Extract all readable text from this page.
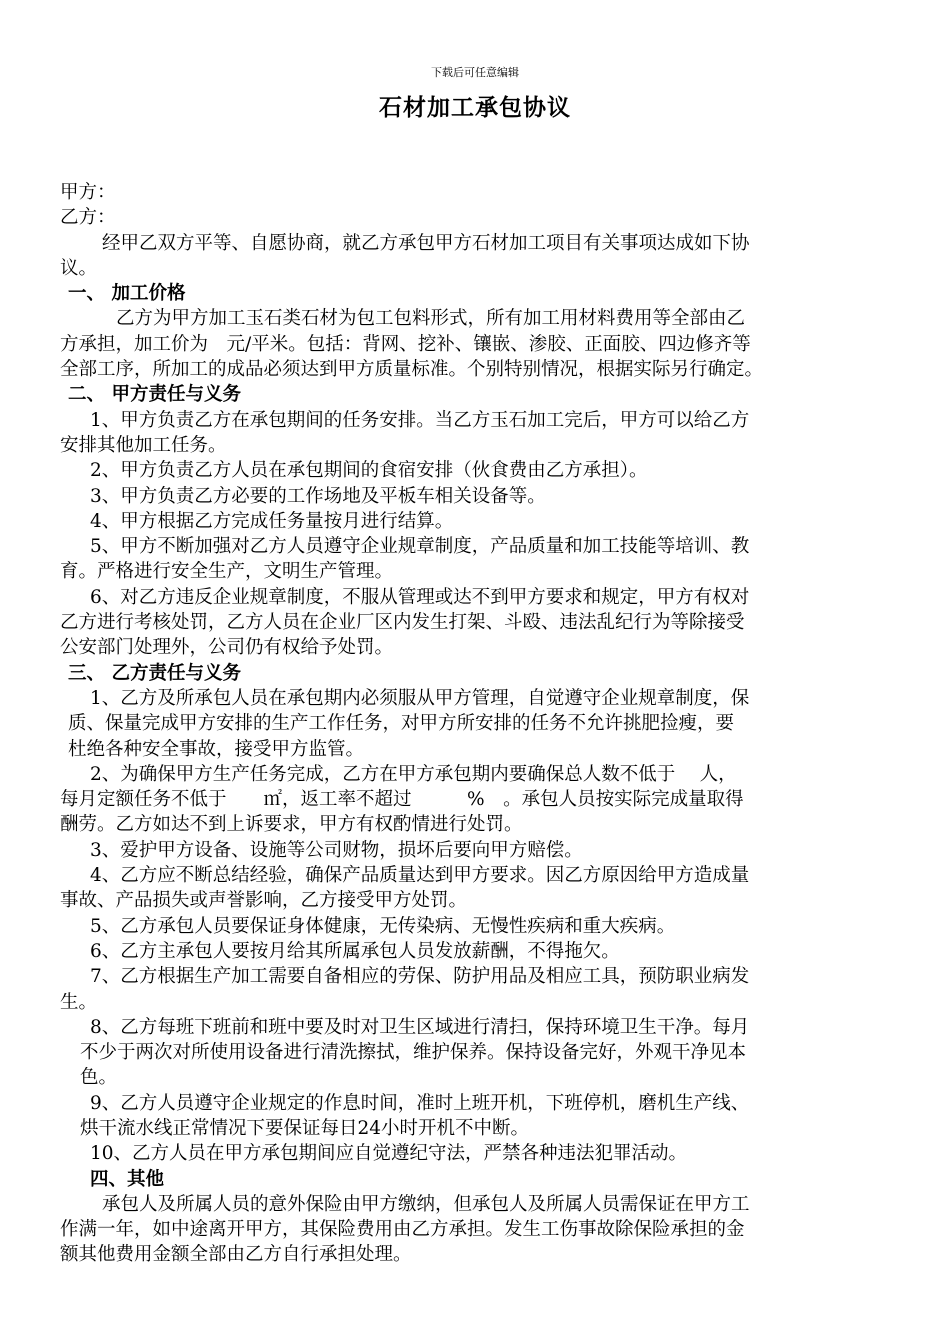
下载后可任意编辑
石材加工承包协议
甲方：
乙方：
经甲乙双方平等、自愿协商，就乙方承包甲方石材加工项目有关事项达成如下协
议。
一、 加工价格
乙方为甲方加工玉石类石材为包工包料形式，所有加工用材料费用等全部由乙
方承担，加工价为　元/平米。包括：背网、挖补、镶嵌、渗胶、正面胶、四边修齐等
全部工序，所加工的成品必须达到甲方质量标准。个别特别情况，根据实际另行确定。
二、 甲方责任与义务
1、甲方负责乙方在承包期间的任务安排。当乙方玉石加工完后，甲方可以给乙方
安排其他加工任务。
2、甲方负责乙方人员在承包期间的食宿安排（伙食费由乙方承担）。
3、甲方负责乙方必要的工作场地及平板车相关设备等。
4、甲方根据乙方完成任务量按月进行结算。
5、甲方不断加强对乙方人员遵守企业规章制度，产品质量和加工技能等培训、教
育。严格进行安全生产，文明生产管理。
6、对乙方违反企业规章制度，不服从管理或达不到甲方要求和规定，甲方有权对
乙方进行考核处罚，乙方人员在企业厂区内发生打架、斗殴、违法乱纪行为等除接受
公安部门处理外，公司仍有权给予处罚。
三、 乙方责任与义务
1、乙方及所承包人员在承包期内必须服从甲方管理，自觉遵守企业规章制度，保
质、保量完成甲方安排的生产工作任务，对甲方所安排的任务不允许挑肥捡瘦，要
杜绝各种安全事故，接受甲方监管。
2、为确保甲方生产任务完成，乙方在甲方承包期内要确保总人数不低于　 人，
每月定额任务不低于　　㎡，返工率不超过　　　%　。承包人员按实际完成量取得
酬劳。乙方如达不到上诉要求，甲方有权酌情进行处罚。
3、爱护甲方设备、设施等公司财物，损坏后要向甲方赔偿。
4、乙方应不断总结经验，确保产品质量达到甲方要求。因乙方原因给甲方造成量
事故、产品损失或声誉影响，乙方接受甲方处罚。
5、乙方承包人员要保证身体健康，无传染病、无慢性疾病和重大疾病。
6、乙方主承包人要按月给其所属承包人员发放薪酬，不得拖欠。
7、乙方根据生产加工需要自备相应的劳保、防护用品及相应工具，预防职业病发
生。
8、乙方每班下班前和班中要及时对卫生区域进行清扫，保持环境卫生干净。每月
不少于两次对所使用设备进行清洗擦拭，维护保养。保持设备完好，外观干净见本
色。
9、乙方人员遵守企业规定的作息时间，准时上班开机，下班停机，磨机生产线、
烘干流水线正常情况下要保证每日24小时开机不中断。
10、乙方人员在甲方承包期间应自觉遵纪守法，严禁各种违法犯罪活动。
四、其他
承包人及所属人员的意外保险由甲方缴纳，但承包人及所属人员需保证在甲方工
作满一年，如中途离开甲方，其保险费用由乙方承担。发生工伤事故除保险承担的金
额其他费用金额全部由乙方自行承担处理。
